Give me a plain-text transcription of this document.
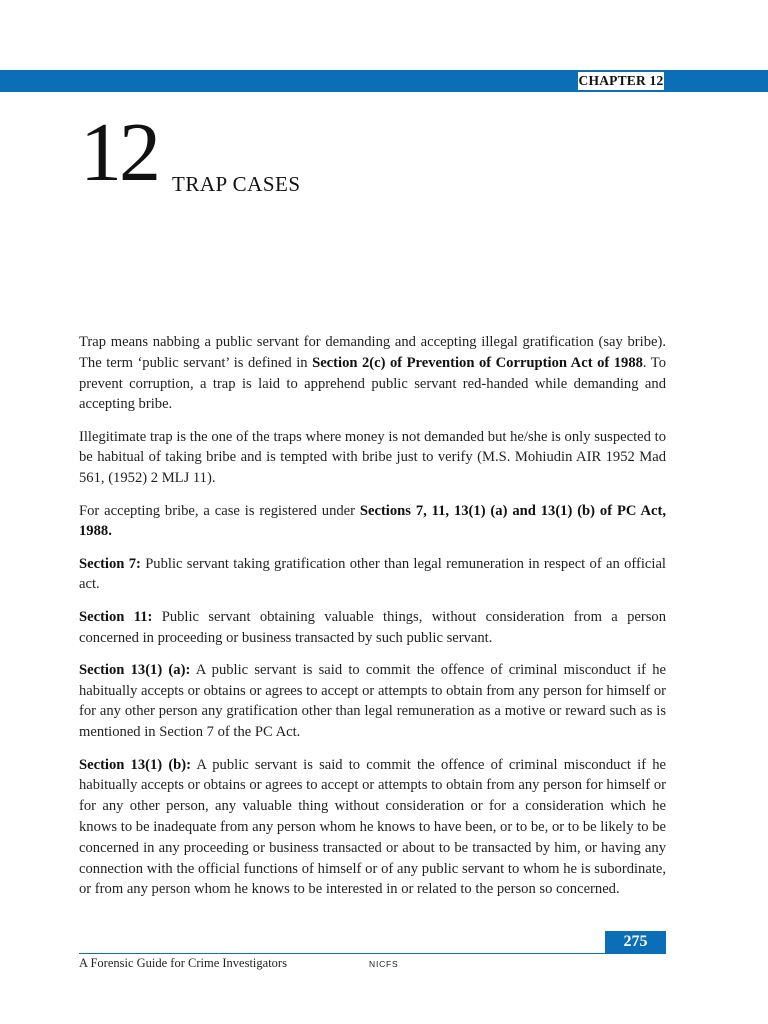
CHAPTER 12
12 TRAP CASES

Trap means nabbing a public servant for demanding and accepting illegal gratification (say bribe). The term ‘public servant’ is defined in Section 2(c) of Prevention of Corruption Act of 1988. To prevent corruption, a trap is laid to apprehend public servant red-handed while demanding and accepting bribe.

Illegitimate trap is the one of the traps where money is not demanded but he/she is only suspected to be habitual of taking bribe and is tempted with bribe just to verify (M.S. Mohiudin AIR 1952 Mad 561, (1952) 2 MLJ 11).

For accepting bribe, a case is registered under Sections 7, 11, 13(1) (a) and 13(1) (b) of PC Act, 1988.

Section 7: Public servant taking gratification other than legal remuneration in respect of an official act.

Section 11: Public servant obtaining valuable things, without consideration from a person concerned in proceeding or business transacted by such public servant.

Section 13(1) (a): A public servant is said to commit the offence of criminal misconduct if he habitually accepts or obtains or agrees to accept or attempts to obtain from any person for himself or for any other person any gratification other than legal remuneration as a motive or reward such as is mentioned in Section 7 of the PC Act.

Section 13(1) (b): A public servant is said to commit the offence of criminal misconduct if he habitually accepts or obtains or agrees to accept or attempts to obtain from any person for himself or for any other person, any valuable thing without consideration or for a consideration which he knows to be inadequate from any person whom he knows to have been, or to be, or to be likely to be concerned in any proceeding or business transacted or about to be transacted by him, or having any connection with the official functions of himself or of any public servant to whom he is subordinate, or from any person whom he knows to be interested in or related to the person so concerned.

275
A Forensic Guide for Crime Investigators	NICFS
